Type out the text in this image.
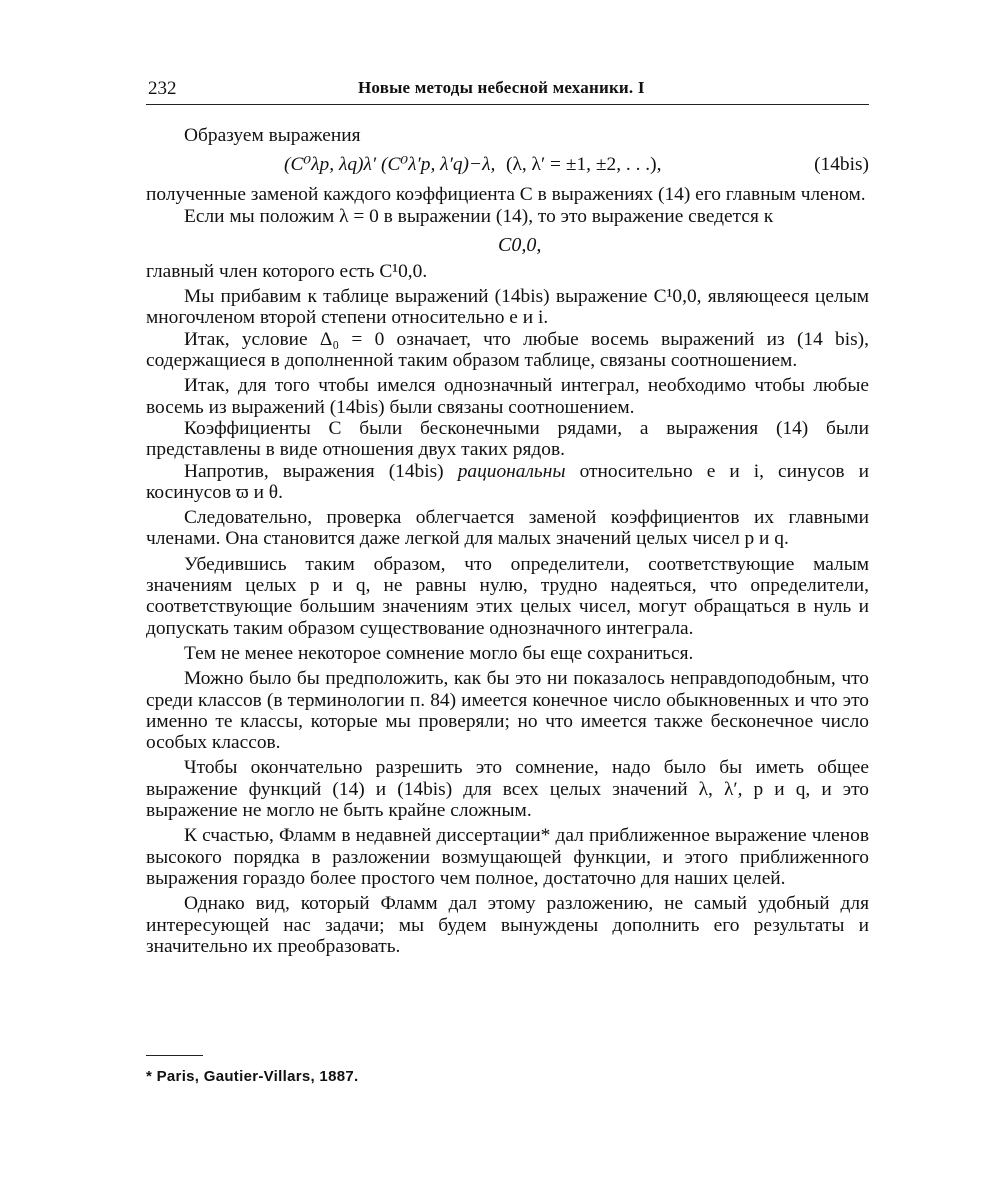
232	Новые методы небесной механики. I

Образуем выражения

(C⁰λp, λq)λ′ (C⁰λ′p, λ′q)−λ, (λ, λ′ = ±1, ±2, . . .),	(14bis)

полученные заменой каждого коэффициента C в выражениях (14) его главным членом.

Если мы положим λ = 0 в выражении (14), то это выражение сведется к

C0,0,

главный член которого есть C¹0,0.

Мы прибавим к таблице выражений (14bis) выражение C¹0,0, являющееся целым многочленом второй степени относительно e и i.

Итак, условие Δ₀ = 0 означает, что любые восемь выражений из (14 bis), содержащиеся в дополненной таким образом таблице, связаны соотношением.

Итак, для того чтобы имелся однозначный интеграл, необходимо чтобы любые восемь из выражений (14bis) были связаны соотношением.

Коэффициенты C были бесконечными рядами, а выражения (14) были представлены в виде отношения двух таких рядов.

Напротив, выражения (14bis) рациональны относительно e и i, синусов и косинусов ϖ и θ.

Следовательно, проверка облегчается заменой коэффициентов их главными членами. Она становится даже легкой для малых значений целых чисел p и q.

Убедившись таким образом, что определители, соответствующие малым значениям целых p и q, не равны нулю, трудно надеяться, что определители, соответствующие большим значениям этих целых чисел, могут обращаться в нуль и допускать таким образом существование однозначного интеграла.

Тем не менее некоторое сомнение могло бы еще сохраниться.

Можно было бы предположить, как бы это ни показалось неправдоподобным, что среди классов (в терминологии п. 84) имеется конечное число обыкновенных и что это именно те классы, которые мы проверяли; но что имеется также бесконечное число особых классов.

Чтобы окончательно разрешить это сомнение, надо было бы иметь общее выражение функций (14) и (14bis) для всех целых значений λ, λ′, p и q, и это выражение не могло не быть крайне сложным.

К счастью, Фламм в недавней диссертации* дал приближенное выражение членов высокого порядка в разложении возмущающей функции, и этого приближенного выражения гораздо более простого чем полное, достаточно для наших целей.

Однако вид, который Фламм дал этому разложению, не самый удобный для интересующей нас задачи; мы будем вынуждены дополнить его результаты и значительно их преобразовать.

* Paris, Gautier-Villars, 1887.
